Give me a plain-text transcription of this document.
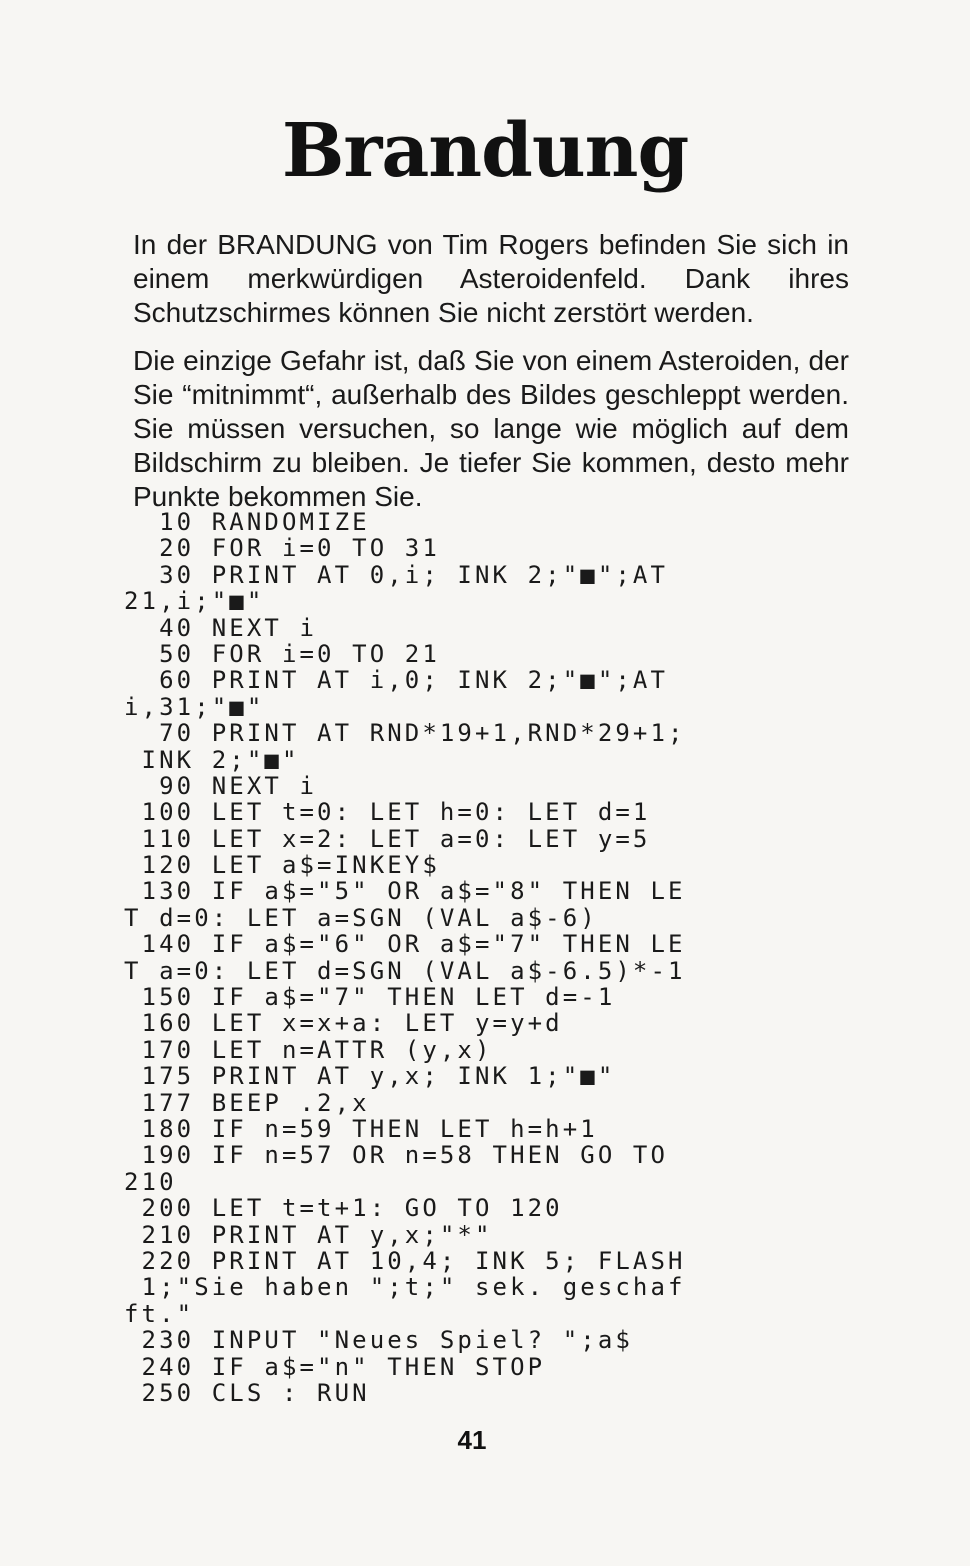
Brandung

In der BRANDUNG von Tim Rogers befinden Sie sich in einem merkwürdigen Asteroidenfeld. Dank ihres Schutzschirmes können Sie nicht zerstört werden.

Die einzige Gefahr ist, daß Sie von einem Asteroiden, der Sie “mitnimmt“, außerhalb des Bildes geschleppt werden. Sie müssen versuchen, so lange wie möglich auf dem Bildschirm zu bleiben. Je tiefer Sie kommen, desto mehr Punkte bekommen Sie.

10 RANDOMIZE
20 FOR i=0 TO 31
30 PRINT AT 0,i; INK 2;"■";AT
21,i;"■"
40 NEXT i
50 FOR i=0 TO 21
60 PRINT AT i,0; INK 2;"■";AT
i,31;"■"
70 PRINT AT RND*19+1,RND*29+1;
INK 2;"■"
90 NEXT i
100 LET t=0: LET h=0: LET d=1
110 LET x=2: LET a=0: LET y=5
120 LET a$=INKEY$
130 IF a$="5" OR a$="8" THEN LE
T d=0: LET a=SGN (VAL a$-6)
140 IF a$="6" OR a$="7" THEN LE
T a=0: LET d=SGN (VAL a$-6.5)*-1
150 IF a$="7" THEN LET d=-1
160 LET x=x+a: LET y=y+d
170 LET n=ATTR (y,x)
175 PRINT AT y,x; INK 1;"■"
177 BEEP .2,x
180 IF n=59 THEN LET h=h+1
190 IF n=57 OR n=58 THEN GO TO
210
200 LET t=t+1: GO TO 120
210 PRINT AT y,x;"*"
220 PRINT AT 10,4; INK 5; FLASH
1;"Sie haben ";t;" sek. geschaf
ft."
230 INPUT "Neues Spiel? ";a$
240 IF a$="n" THEN STOP
250 CLS : RUN
41
